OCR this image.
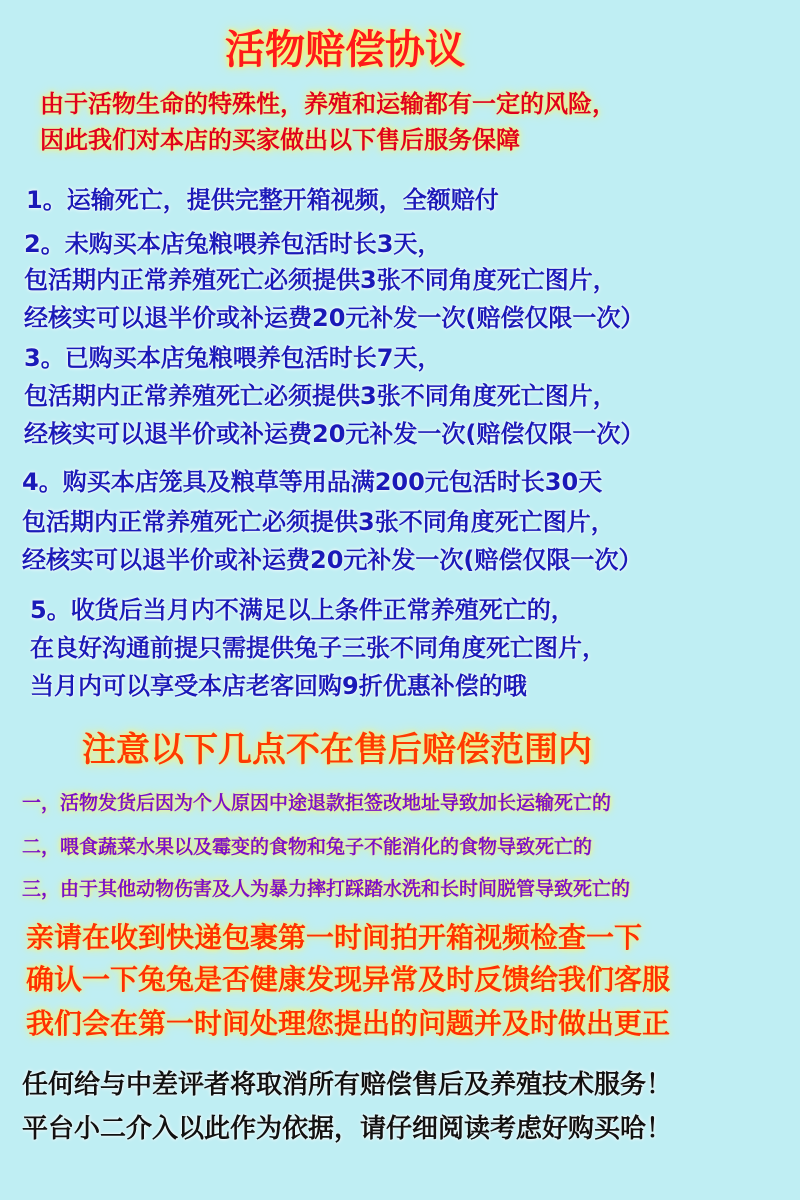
活物赔偿协议
由于活物生命的特殊性，养殖和运输都有一定的风险，
因此我们对本店的买家做出以下售后服务保障
1。运输死亡，提供完整开箱视频，全额赔付
2。未购买本店兔粮喂养包活时长3天，
包活期内正常养殖死亡必须提供3张不同角度死亡图片，
经核实可以退半价或补运费20元补发一次(赔偿仅限一次）
3。已购买本店兔粮喂养包活时长7天，
包活期内正常养殖死亡必须提供3张不同角度死亡图片，
经核实可以退半价或补运费20元补发一次(赔偿仅限一次）
4。购买本店笼具及粮草等用品满200元包活时长30天
包活期内正常养殖死亡必须提供3张不同角度死亡图片，
经核实可以退半价或补运费20元补发一次(赔偿仅限一次）
5。收货后当月内不满足以上条件正常养殖死亡的，
在良好沟通前提只需提供兔子三张不同角度死亡图片，
当月内可以享受本店老客回购9折优惠补偿的哦
注意以下几点不在售后赔偿范围内
一，活物发货后因为个人原因中途退款拒签改地址导致加长运输死亡的
二，喂食蔬菜水果以及霉变的食物和兔子不能消化的食物导致死亡的
三，由于其他动物伤害及人为暴力摔打踩踏水洗和长时间脱管导致死亡的
亲请在收到快递包裹第一时间拍开箱视频检查一下
确认一下兔兔是否健康发现异常及时反馈给我们客服
我们会在第一时间处理您提出的问题并及时做出更正
任何给与中差评者将取消所有赔偿售后及养殖技术服务！
平台小二介入以此作为依据，请仔细阅读考虑好购买哈！
